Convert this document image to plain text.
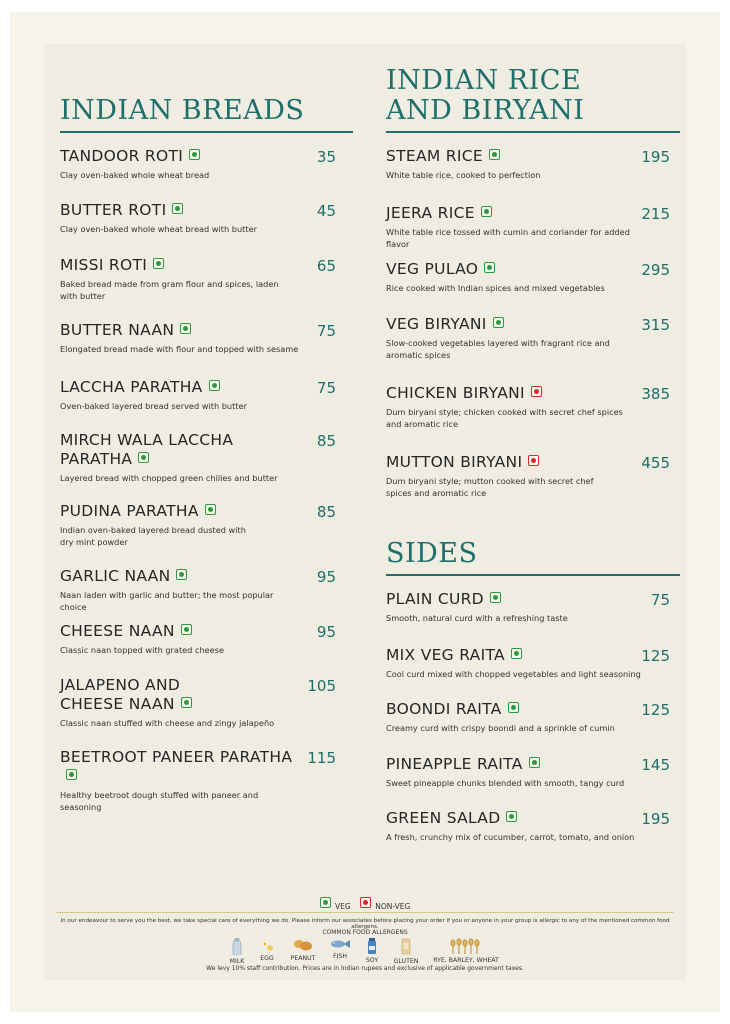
INDIAN BREADS
TANDOOR ROTI
Clay oven-baked whole wheat bread
35
BUTTER ROTI
Clay oven-baked whole wheat bread with butter
45
MISSI ROTI
Baked bread made from gram flour and spices, laden with butter
65
BUTTER NAAN
Elongated bread made with flour and topped with sesame
75
LACCHA PARATHA
Oven-baked layered bread served with butter
75
MIRCH WALA LACCHA PARATHA
Layered bread with chopped green chilies and butter
85
PUDINA PARATHA
Indian oven-baked layered bread dusted with dry mint powder
85
GARLIC NAAN
Naan laden with garlic and butter; the most popular choice
95
CHEESE NAAN
Classic naan topped with grated cheese
95
JALAPENO AND CHEESE NAAN
Classic naan stuffed with cheese and zingy jalapeño
105
BEETROOT PANEER PARATHA
Healthy beetroot dough stuffed with paneer and seasoning
115
INDIAN RICE
AND BIRYANI
STEAM RICE
White table rice, cooked to perfection
195
JEERA RICE
White table rice tossed with cumin and coriander for added flavor
215
VEG PULAO
Rice cooked with Indian spices and mixed vegetables
295
VEG BIRYANI
Slow-cooked vegetables layered with fragrant rice and aromatic spices
315
CHICKEN BIRYANI
Dum biryani style; chicken cooked with secret chef spices and aromatic rice
385
MUTTON BIRYANI
Dum biryani style; mutton cooked with secret chef spices and aromatic rice
455
SIDES
PLAIN CURD
Smooth, natural curd with a refreshing taste
75
MIX VEG RAITA
Cool curd mixed with chopped vegetables and light seasoning
125
BOONDI RAITA
Creamy curd with crispy boondi and a sprinkle of cumin
125
PINEAPPLE RAITA
Sweet pineapple chunks blended with smooth, tangy curd
145
GREEN SALAD
A fresh, crunchy mix of cucumber, carrot, tomato, and onion
195
VEG	NON-VEG
In our endeavour to serve you the best, we take special care of everything we do. Please inform our associates before placing your order if you or anyone in your group is allergic to any of the mentioned common food allergens.
COMMON FOOD ALLERGENS
MILK	EGG	PEANUT	FISH
SOY	GLUTEN	RYE, BARLEY, WHEAT
We levy 10% staff contribution. Prices are in Indian rupees and exclusive of applicable government taxes.
